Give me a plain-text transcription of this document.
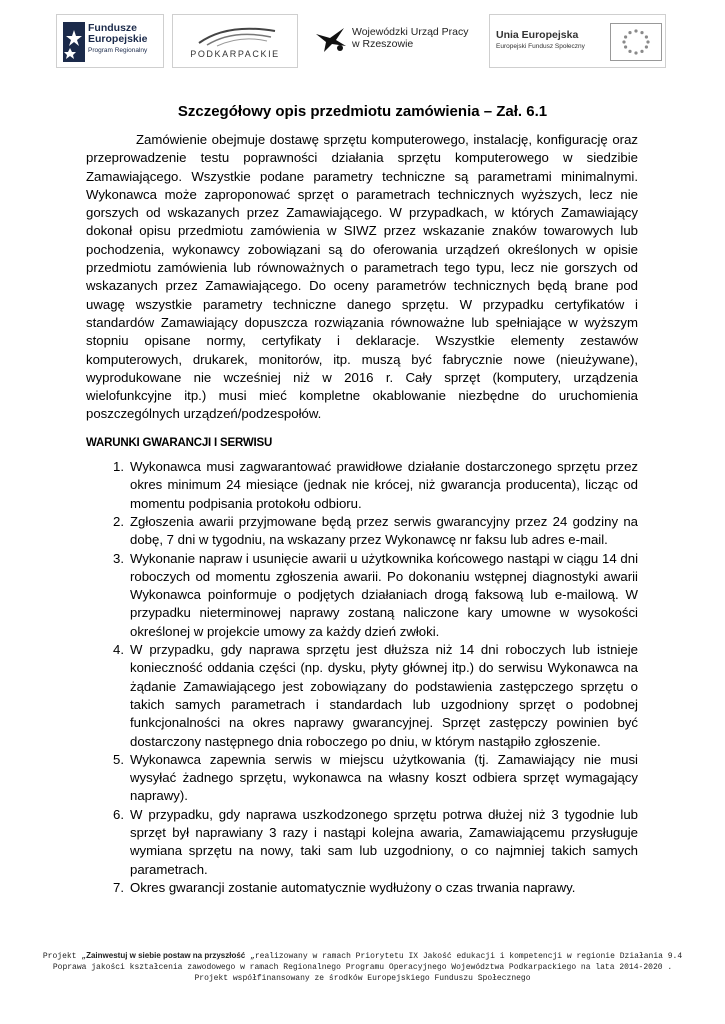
Fundusze
Europejskie
Program Regionalny	PODKARPACKIE
Wojewódzki Urząd Pracy
w Rzeszowie
Unia Europejska
Europejski Fundusz Społeczny
Szczegółowy opis przedmiotu zamówienia – Zał. 6.1

Zamówienie obejmuje dostawę sprzętu komputerowego, instalację, konfigurację oraz przeprowadzenie testu poprawności działania sprzętu komputerowego w siedzibie Zamawiającego. Wszystkie podane parametry techniczne są parametrami minimalnymi. Wykonawca może zaproponować sprzęt o parametrach technicznych wyższych, lecz nie gorszych od wskazanych przez Zamawiającego. W przypadkach, w których Zamawiający dokonał opisu przedmiotu zamówienia w SIWZ przez wskazanie znaków towarowych lub pochodzenia, wykonawcy zobowiązani są do oferowania urządzeń określonych w opisie przedmiotu zamówienia lub równoważnych o parametrach tego typu, lecz nie gorszych od wskazanych przez Zamawiającego. Do oceny parametrów technicznych będą brane pod uwagę wszystkie parametry techniczne danego sprzętu. W przypadku certyfikatów i standardów Zamawiający dopuszcza rozwiązania równoważne lub spełniające w wyższym stopniu opisane normy, certyfikaty i deklaracje. Wszystkie elementy zestawów komputerowych, drukarek, monitorów, itp. muszą być fabrycznie nowe (nieużywane), wyprodukowane nie wcześniej niż w 2016 r. Cały sprzęt (komputery, urządzenia wielofunkcyjne itp.) musi mieć kompletne okablowanie niezbędne do uruchomienia poszczególnych urządzeń/podzespołów.

WARUNKI GWARANCJI I SERWISU
1. Wykonawca musi zagwarantować prawidłowe działanie dostarczonego sprzętu przez okres minimum 24 miesiące (jednak nie krócej, niż gwarancja producenta), licząc od momentu podpisania protokołu odbioru.
2. Zgłoszenia awarii przyjmowane będą przez serwis gwarancyjny przez 24 godziny na dobę, 7 dni w tygodniu, na wskazany przez Wykonawcę nr faksu lub adres e-mail.
3. Wykonanie napraw i usunięcie awarii u użytkownika końcowego nastąpi w ciągu 14 dni roboczych od momentu zgłoszenia awarii. Po dokonaniu wstępnej diagnostyki awarii Wykonawca poinformuje o podjętych działaniach drogą faksową lub e-mailową. W przypadku nieterminowej naprawy zostaną naliczone kary umowne w wysokości określonej w projekcie umowy za każdy dzień zwłoki.
4. W przypadku, gdy naprawa sprzętu jest dłuższa niż 14 dni roboczych lub istnieje konieczność oddania części (np. dysku, płyty głównej itp.) do serwisu Wykonawca na żądanie Zamawiającego jest zobowiązany do podstawienia zastępczego sprzętu o takich samych parametrach i standardach lub uzgodniony sprzęt o podobnej funkcjonalności na okres naprawy gwarancyjnej. Sprzęt zastępczy powinien być dostarczony następnego dnia roboczego po dniu, w którym nastąpiło zgłoszenie.
5. Wykonawca zapewnia serwis w miejscu użytkowania (tj. Zamawiający nie musi wysyłać żadnego sprzętu, wykonawca na własny koszt odbiera sprzęt wymagający naprawy).
6. W przypadku, gdy naprawa uszkodzonego sprzętu potrwa dłużej niż 3 tygodnie lub sprzęt był naprawiany 3 razy i nastąpi kolejna awaria, Zamawiającemu przysługuje wymiana sprzętu na nowy, taki sam lub uzgodniony, o co najmniej takich samych parametrach.
7. Okres gwarancji zostanie automatycznie wydłużony o czas trwania naprawy.
Projekt „Zainwestuj w siebie postaw na przyszłość „realizowany w ramach Priorytetu IX Jakość edukacji i kompetencji w regionie Działania 9.4 Poprawa jakości kształcenia zawodowego w ramach Regionalnego Programu Operacyjnego Województwa Podkarpackiego na lata 2014-2020 . Projekt współfinansowany ze środków Europejskiego Funduszu Społecznego
